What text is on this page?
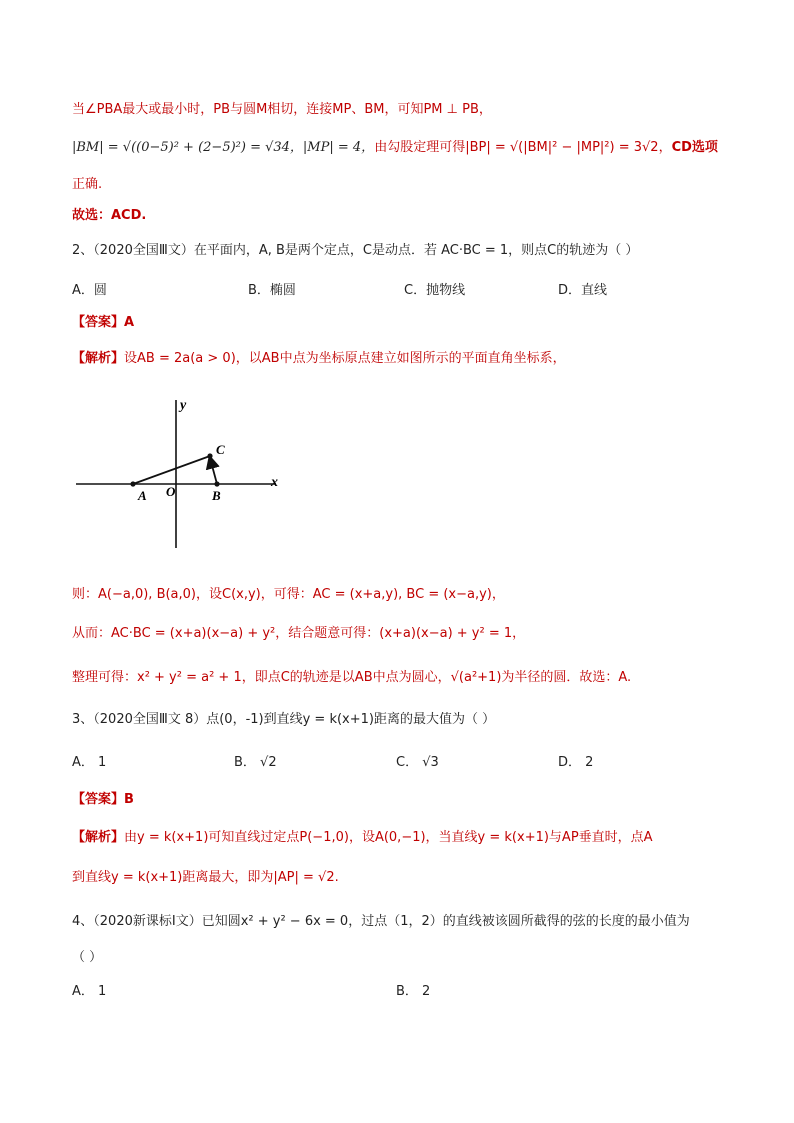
当∠PBA最大或最小时，PB与圆M相切，连接MP、BM，可知PM ⊥ PB，
|BM| = √((0−5)² + (2−5)²) = √34，|MP| = 4，由勾股定理可得|BP| = √(|BM|² − |MP|²) = 3√2，CD选项
正确.
故选：ACD.
2、（2020全国Ⅲ文）在平面内，A, B是两个定点，C是动点．若 AC·BC = 1，则点C的轨迹为（ ）
A．圆	B．椭圆	C．抛物线	D．直线
【答案】A
【解析】设AB = 2a(a > 0)，以AB中点为坐标原点建立如图所示的平面直角坐标系，
y
x
A O	B
C
则：A(−a,0), B(a,0)，设C(x,y)，可得：AC = (x+a,y), BC = (x−a,y)，
从而：AC·BC = (x+a)(x−a) + y²，结合题意可得：(x+a)(x−a) + y² = 1，
整理可得：x² + y² = a² + 1，即点C的轨迹是以AB中点为圆心，√(a²+1)为半径的圆．故选：A.
3、（2020全国Ⅲ文 8）点(0，-1)到直线y = k(x+1)距离的最大值为（ ）
A． 1	B． √2	C． √3	D． 2
【答案】B
【解析】由y = k(x+1)可知直线过定点P(−1,0)，设A(0,−1)，当直线y = k(x+1)与AP垂直时，点A
到直线y = k(x+1)距离最大，即为|AP| = √2.
4、（2020新课标Ⅰ文）已知圆x² + y² − 6x = 0，过点（1，2）的直线被该圆所截得的弦的长度的最小值为
（ ）
A． 1	B． 2
